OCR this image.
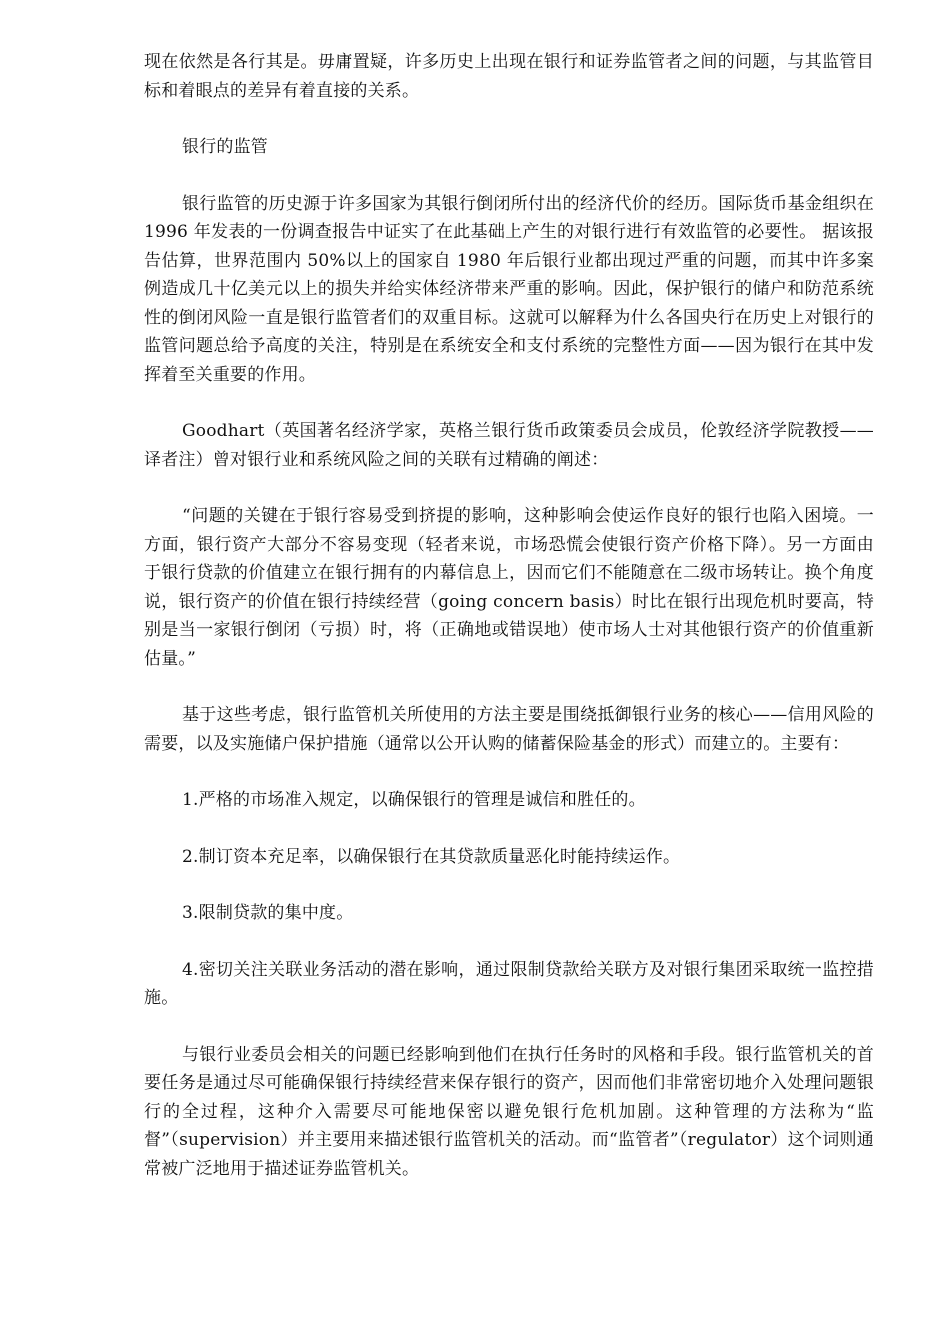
现在依然是各行其是。毋庸置疑，许多历史上出现在银行和证券监管者之间的问题，与其监管目标和着眼点的差异有着直接的关系。

银行的监管

银行监管的历史源于许多国家为其银行倒闭所付出的经济代价的经历。国际货币基金组织在 1996 年发表的一份调查报告中证实了在此基础上产生的对银行进行有效监管的必要性。 据该报告估算，世界范围内 50%以上的国家自 1980 年后银行业都出现过严重的问题，而其中许多案例造成几十亿美元以上的损失并给实体经济带来严重的影响。因此，保护银行的储户和防范系统性的倒闭风险一直是银行监管者们的双重目标。这就可以解释为什么各国央行在历史上对银行的监管问题总给予高度的关注，特别是在系统安全和支付系统的完整性方面——因为银行在其中发挥着至关重要的作用。

Goodhart（英国著名经济学家，英格兰银行货币政策委员会成员，伦敦经济学院教授——译者注）曾对银行业和系统风险之间的关联有过精确的阐述：

“问题的关键在于银行容易受到挤提的影响，这种影响会使运作良好的银行也陷入困境。一方面，银行资产大部分不容易变现（轻者来说，市场恐慌会使银行资产价格下降）。另一方面由于银行贷款的价值建立在银行拥有的内幕信息上，因而它们不能随意在二级市场转让。换个角度说，银行资产的价值在银行持续经营（going concern basis）时比在银行出现危机时要高，特别是当一家银行倒闭（亏损）时，将（正确地或错误地）使市场人士对其他银行资产的价值重新估量。”

基于这些考虑，银行监管机关所使用的方法主要是围绕抵御银行业务的核心——信用风险的需要，以及实施储户保护措施（通常以公开认购的储蓄保险基金的形式）而建立的。主要有：

1.严格的市场准入规定，以确保银行的管理是诚信和胜任的。

2.制订资本充足率，以确保银行在其贷款质量恶化时能持续运作。

3.限制贷款的集中度。

4.密切关注关联业务活动的潜在影响，通过限制贷款给关联方及对银行集团采取统一监控措施。

与银行业委员会相关的问题已经影响到他们在执行任务时的风格和手段。银行监管机关的首要任务是通过尽可能确保银行持续经营来保存银行的资产，因而他们非常密切地介入处理问题银行的全过程，这种介入需要尽可能地保密以避免银行危机加剧。这种管理的方法称为“监督”（supervision）并主要用来描述银行监管机关的活动。而“监管者”（regulator）这个词则通常被广泛地用于描述证券监管机关。
